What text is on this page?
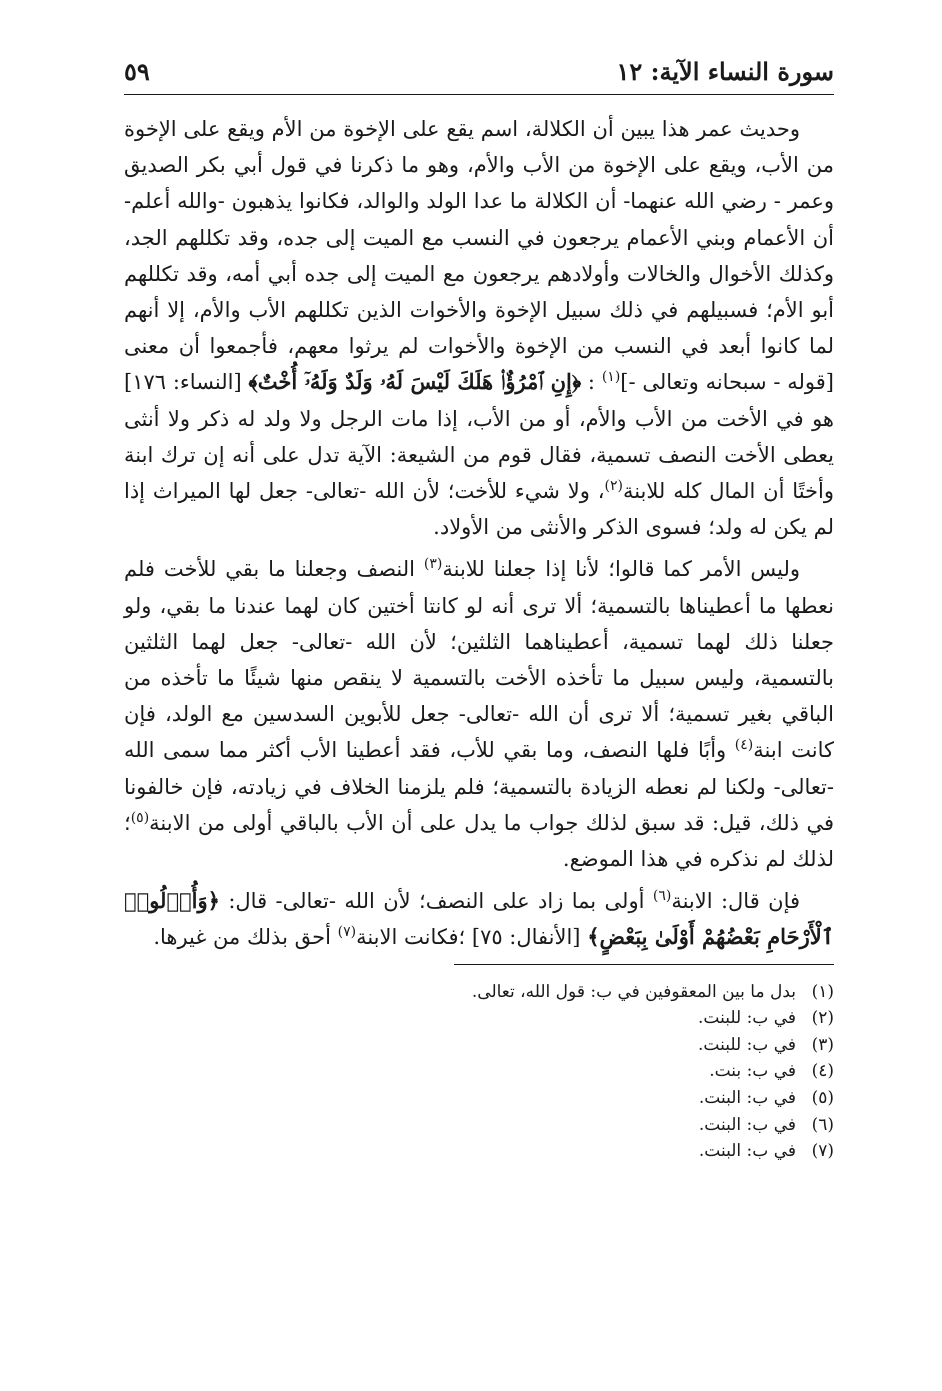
سورة النساء الآية: ١٢
٥٩

وحديث عمر هذا يبين أن الكلالة، اسم يقع على الإخوة من الأم ويقع على الإخوة من الأب، ويقع على الإخوة من الأب والأم، وهو ما ذكرنا في قول أبي بكر الصديق وعمر - رضي الله عنهما- أن الكلالة ما عدا الولد والوالد، فكانوا يذهبون -والله أعلم- أن الأعمام وبني الأعمام يرجعون في النسب مع الميت إلى جده، وقد تكللهم الجد، وكذلك الأخوال والخالات وأولادهم يرجعون مع الميت إلى جده أبي أمه، وقد تكللهم أبو الأم؛ فسبيلهم في ذلك سبيل الإخوة والأخوات الذين تكللهم الأب والأم، إلا أنهم لما كانوا أبعد في النسب من الإخوة والأخوات لم يرثوا معهم، فأجمعوا أن معنى [قوله - سبحانه وتعالى -]$^{(١)}$ : ﴿إِنِ ٱمْرُؤٌا۟ هَلَكَ لَيْسَ لَهُۥ وَلَدٌ وَلَهُۥٓ أُخْتٌ﴾ [النساء: ١٧٦] هو في الأخت من الأب والأم، أو من الأب، إذا مات الرجل ولا ولد له ذكر ولا أنثى يعطى الأخت النصف تسمية، فقال قوم من الشيعة: الآية تدل على أنه إن ترك ابنة وأختًا أن المال كله للابنة$^{(٢)}$، ولا شيء للأخت؛ لأن الله -تعالى- جعل لها الميراث إذا لم يكن له ولد؛ فسوى الذكر والأنثى من الأولاد.

وليس الأمر كما قالوا؛ لأنا إذا جعلنا للابنة$^{(٣)}$ النصف وجعلنا ما بقي للأخت فلم نعطها ما أعطيناها بالتسمية؛ ألا ترى أنه لو كانتا أختين كان لهما عندنا ما بقي، ولو جعلنا ذلك لهما تسمية، أعطيناهما الثلثين؛ لأن الله -تعالى- جعل لهما الثلثين بالتسمية، وليس سبيل ما تأخذه الأخت بالتسمية لا ينقص منها شيئًا ما تأخذه من الباقي بغير تسمية؛ ألا ترى أن الله -تعالى- جعل للأبوين السدسين مع الولد، فإن كانت ابنة$^{(٤)}$ وأبًا فلها النصف، وما بقي للأب، فقد أعطينا الأب أكثر مما سمى الله -تعالى- ولكنا لم نعطه الزيادة بالتسمية؛ فلم يلزمنا الخلاف في زيادته، فإن خالفونا في ذلك، قيل: قد سبق لذلك جواب ما يدل على أن الأب بالباقي أولى من الابنة$^{(٥)}$؛ لذلك لم نذكره في هذا الموضع.

فإن قال: الابنة$^{(٦)}$ أولى بما زاد على النصف؛ لأن الله -تعالى- قال: ﴿وَأُو۟لُوا۟ ٱلْأَرْحَامِ بَعْضُهُمْ أَوْلَىٰ بِبَعْضٍ﴾ [الأنفال: ٧٥] ؛فكانت الابنة$^{(٧)}$ أحق بذلك من غيرها.

(١)
بدل ما بين المعقوفين في ب: قول الله، تعالى.
(٢)
في ب: للبنت.
(٣)
في ب: للبنت.
(٤)
في ب: بنت.
(٥)
في ب: البنت.
(٦)
في ب: البنت.
(٧)
في ب: البنت.
